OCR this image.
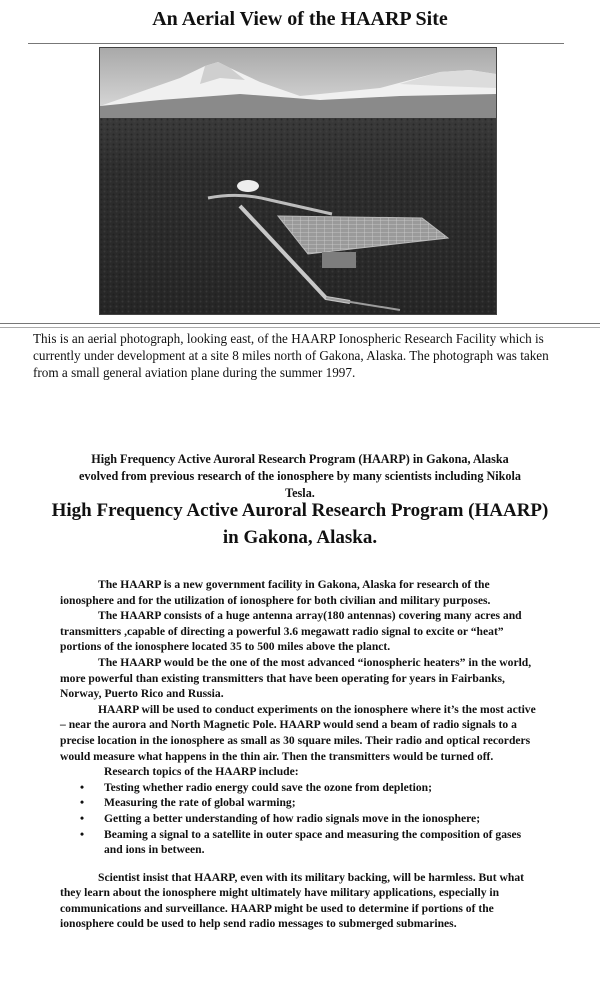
An Aerial View of the HAARP Site
This is an aerial photograph, looking east, of the HAARP Ionospheric Research Facility which is currently under development at a site 8 miles north of Gakona, Alaska. The photograph was taken from a small general aviation plane during the summer 1997.
High Frequency Active Auroral Research Program (HAARP) in Gakona, Alaska evolved from previous research of the ionosphere by many scientists including Nikola Tesla.
High Frequency Active Auroral Research Program (HAARP) in Gakona, Alaska.

The HAARP is a new government facility in Gakona, Alaska for research of the ionosphere and for the utilization of ionosphere for both civilian and military purposes.

The HAARP consists of a huge antenna array(180 antennas) covering many acres and transmitters ,capable of directing a powerful 3.6 megawatt radio signal to excite or “heat” portions of the ionosphere located 35 to 500 miles above the planct.

The HAARP would be the one of the most advanced “ionospheric heaters” in the world, more powerful than existing transmitters that have been operating for years in Fairbanks, Norway, Puerto Rico and Russia.

HAARP will be used to conduct experiments on the ionosphere where it’s the most active – near the aurora and North Magnetic Pole. HAARP would send a beam of radio signals to a precise location in the ionosphere as small as 30 square miles. Their radio and optical recorders would measure what happens in the thin air. Then the transmitters would be turned off.

Research topics of the HAARP include:
• Testing whether radio energy could save the ozone from depletion;
• Measuring the rate of global warming;
• Getting a better understanding of how radio signals move in the ionosphere;
• Beaming a signal to a satellite in outer space and measuring the composition of gases and ions in between.

Scientist insist that HAARP, even with its military backing, will be harmless. But what they learn about the ionosphere might ultimately have military applications, especially in communications and surveillance. HAARP might be used to determine if portions of the ionosphere could be used to help send radio messages to submerged submarines.
